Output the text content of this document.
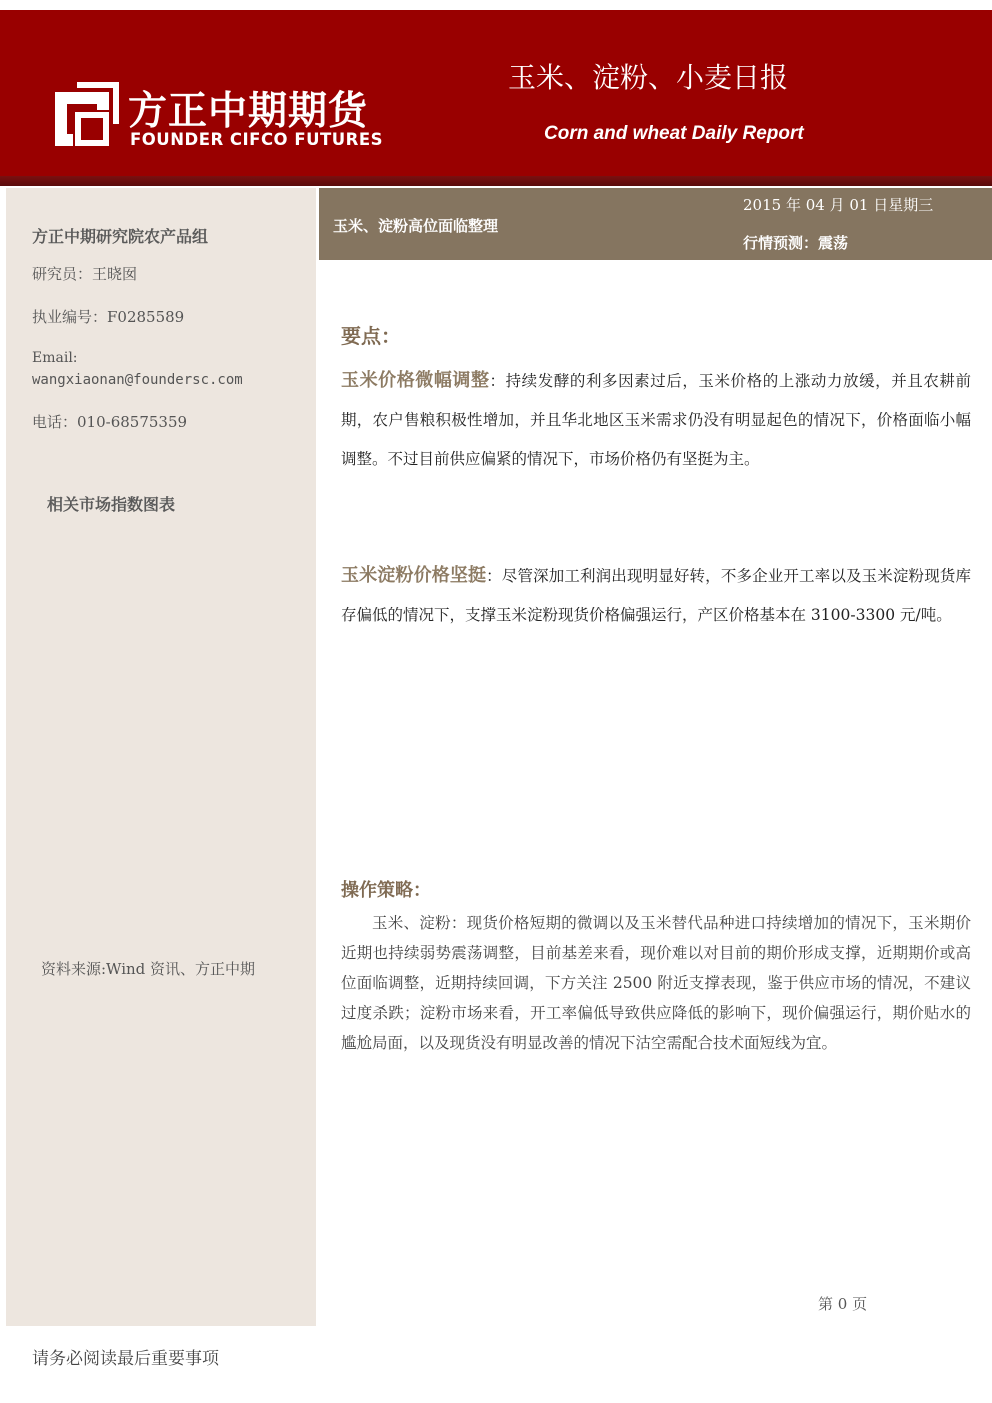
方正中期期货
FOUNDER CIFCO FUTURES
玉米、淀粉、小麦日报
Corn and wheat Daily Report
方正中期研究院农产品组
研究员：王晓囡
执业编号：F0285589
Email:
wangxiaonan@foundersc.com
电话：010-68575359
相关市场指数图表
资料来源:Wind 资讯、方正中期
玉米、淀粉高位面临整理
2015 年 04 月 01 日星期三
行情预测：震荡
要点：
玉米价格微幅调整：持续发酵的利多因素过后，玉米价格的上涨动力放缓，并且农耕前期，农户售粮积极性增加，并且华北地区玉米需求仍没有明显起色的情况下，价格面临小幅调整。不过目前供应偏紧的情况下，市场价格仍有坚挺为主。
玉米淀粉价格坚挺：尽管深加工利润出现明显好转，不多企业开工率以及玉米淀粉现货库存偏低的情况下，支撑玉米淀粉现货价格偏强运行，产区价格基本在 3100-3300 元/吨。
操作策略：
玉米、淀粉：现货价格短期的微调以及玉米替代品种进口持续增加的情况下，玉米期价近期也持续弱势震荡调整，目前基差来看，现价难以对目前的期价形成支撑，近期期价或高位面临调整，近期持续回调，下方关注 2500 附近支撑表现，鉴于供应市场的情况，不建议过度杀跌；淀粉市场来看，开工率偏低导致供应降低的影响下，现价偏强运行，期价贴水的尴尬局面，以及现货没有明显改善的情况下沽空需配合技术面短线为宜。
第 0 页
请务必阅读最后重要事项
